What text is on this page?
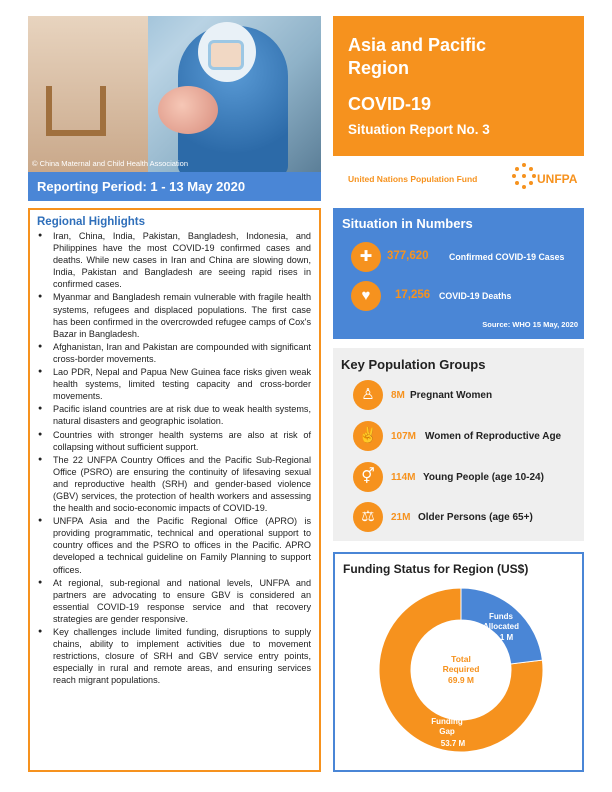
© China Maternal and Child Health Association
Reporting Period: 1 - 13 May 2020
Asia and Pacific Region
COVID-19
Situation Report No. 3
United Nations Population Fund	UNFPA
Regional Highlights
● Iran, China, India, Pakistan, Bangladesh, Indonesia, and Philippines have the most COVID-19 confirmed cases and deaths. While new cases in Iran and China are slowing down, India, Pakistan and Bangladesh are seeing rapid rises in confirmed cases.
● Myanmar and Bangladesh remain vulnerable with fragile health systems, refugees and displaced populations. The first case has been confirmed in the overcrowded refugee camps of Cox's Bazar in Bangladesh.
● Afghanistan, Iran and Pakistan are compounded with significant cross-border movements.
● Lao PDR, Nepal and Papua New Guinea face risks given weak health systems, limited testing capacity and cross-border movements.
● Pacific island countries are at risk due to weak health systems, natural disasters and geographic isolation.
● Countries with stronger health systems are also at risk of collapsing without sufficient support.
● The 22 UNFPA Country Offices and the Pacific Sub-Regional Office (PSRO) are ensuring the continuity of lifesaving sexual and reproductive health (SRH) and gender-based violence (GBV) services, the protection of health workers and assessing the health and socio-economic impacts of COVID-19.
● UNFPA Asia and the Pacific Regional Office (APRO) is providing programmatic, technical and operational support to country offices and the PSRO to offices in the Pacific. APRO developed a technical guideline on Family Planning to support offices.
● At regional, sub-regional and national levels, UNFPA and partners are advocating to ensure GBV is considered an essential COVID-19 response service and that recovery strategies are gender responsive.
● Key challenges include limited funding, disruptions to supply chains, ability to implement activities due to movement restrictions, closure of SRH and GBV service entry points, especially in rural and remote areas, and ensuring services reach migrant populations.
Situation in Numbers
✚	377,620 Confirmed COVID-19 Cases
♥	17,256 COVID-19 Deaths
Source: WHO 15 May, 2020
Key Population Groups
♙	8M Pregnant Women
✌	107M Women of Reproductive Age
⚥	114M Young People (age 10-24)
⚖	21M Older Persons (age 65+)
Funding Status for Region (US$)
Total Required
69.9 M
Funds Allocated
16.1 M
Funding Gap
53.7 M
